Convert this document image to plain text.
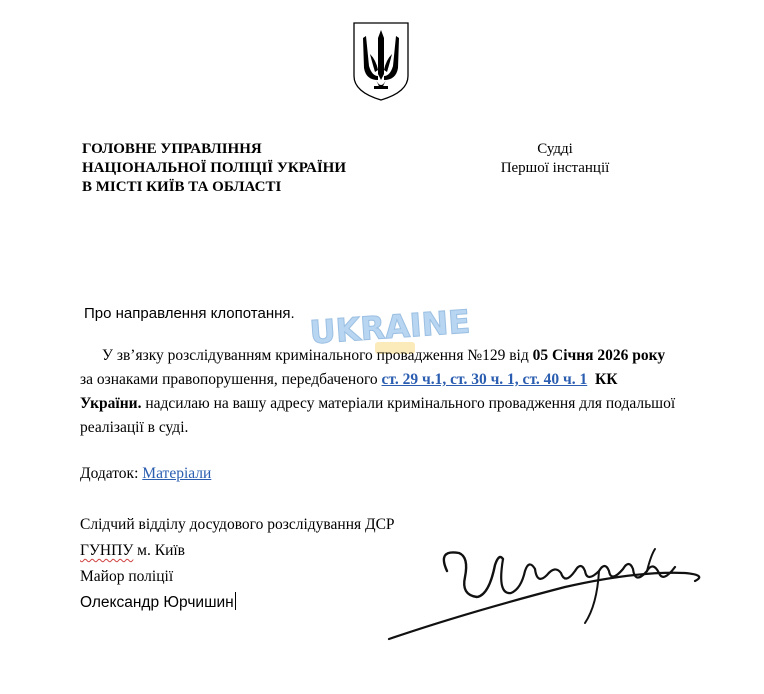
ГОЛОВНЕ УПРАВЛІННЯ
НАЦІОНАЛЬНОЇ ПОЛІЦІЇ УКРАЇНИ
В МІСТІ КИЇВ ТА ОБЛАСТІ
Судді
Першої інстанції
UKRAINE
Про направлення клопотання.

У зв’язку розслідуванням кримінального провадження №129 від 05 Січня 2026 року за ознаками правопорушення, передбаченого ст. 29 ч.1, ст. 30 ч. 1, ст. 40 ч. 1 КК України. надсилаю на вашу адресу матеріали кримінального провадження для подальшої реалізації в суді.

Додаток: Матеріали
Слідчий відділу досудового розслідування ДСР
ГУНПУ м. Київ
Майор поліції
Олександр Юрчишин
